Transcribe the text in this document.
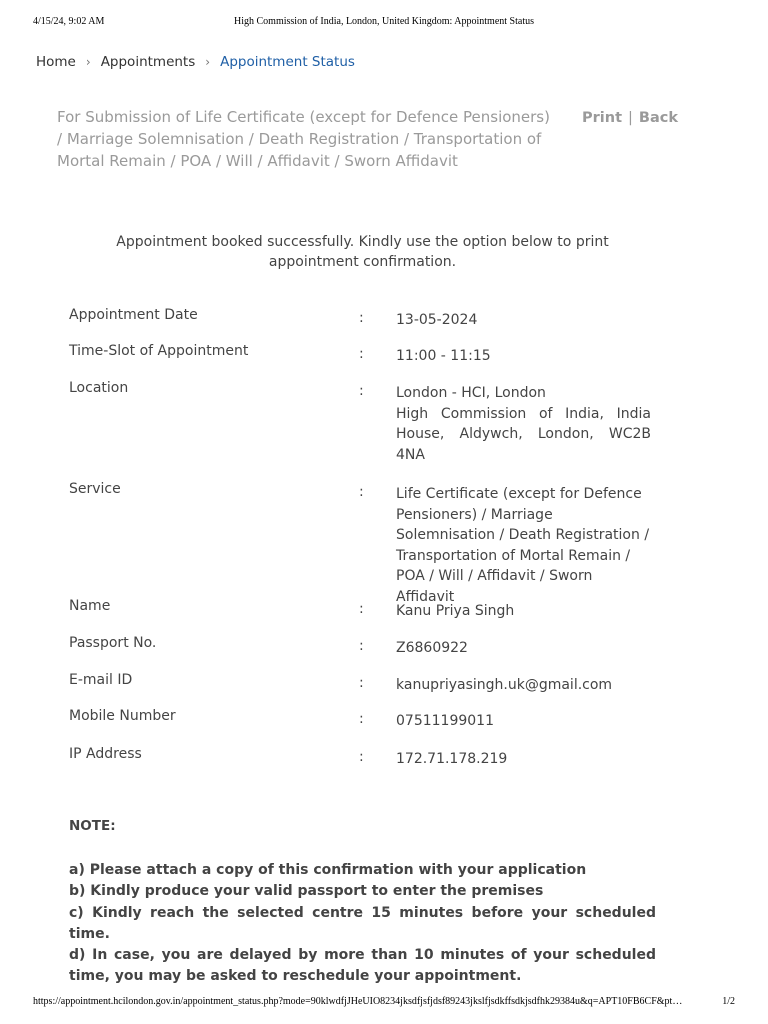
4/15/24, 9:02 AM	High Commission of India, London, United Kingdom: Appointment Status
Home › Appointments › Appointment Status
For Submission of Life Certificate (except for Defence Pensioners) / Marriage Solemnisation / Death Registration / Transportation of Mortal Remain / POA / Will / Affidavit / Sworn Affidavit
Print | Back
Appointment booked successfully. Kindly use the option below to print appointment confirmation.
Appointment Date	: 13-05-2024
Time-Slot of Appointment	: 11:00 - 11:15
Location	: London - HCI, London
High Commission of India, India House, Aldywch, London, WC2B 4NA
Service	: Life Certificate (except for Defence Pensioners) / Marriage Solemnisation / Death Registration / Transportation of Mortal Remain / POA / Will / Affidavit / Sworn Affidavit
Name	: Kanu Priya Singh
Passport No.	: Z6860922
E-mail ID	: kanupriyasingh.uk@gmail.com
Mobile Number	: 07511199011
IP Address	: 172.71.178.219
NOTE:
a) Please attach a copy of this confirmation with your application
b) Kindly produce your valid passport to enter the premises
c) Kindly reach the selected centre 15 minutes before your scheduled time.
d) In case, you are delayed by more than 10 minutes of your scheduled time, you may be asked to reschedule your appointment.
https://appointment.hcilondon.gov.in/appointment_status.php?mode=90klwdfjJHeUIO8234jksdfjsfjdsf89243jkslfjsdkffsdkjsdfhk29384u&q=APT10FB6CF&pt…	1/2
